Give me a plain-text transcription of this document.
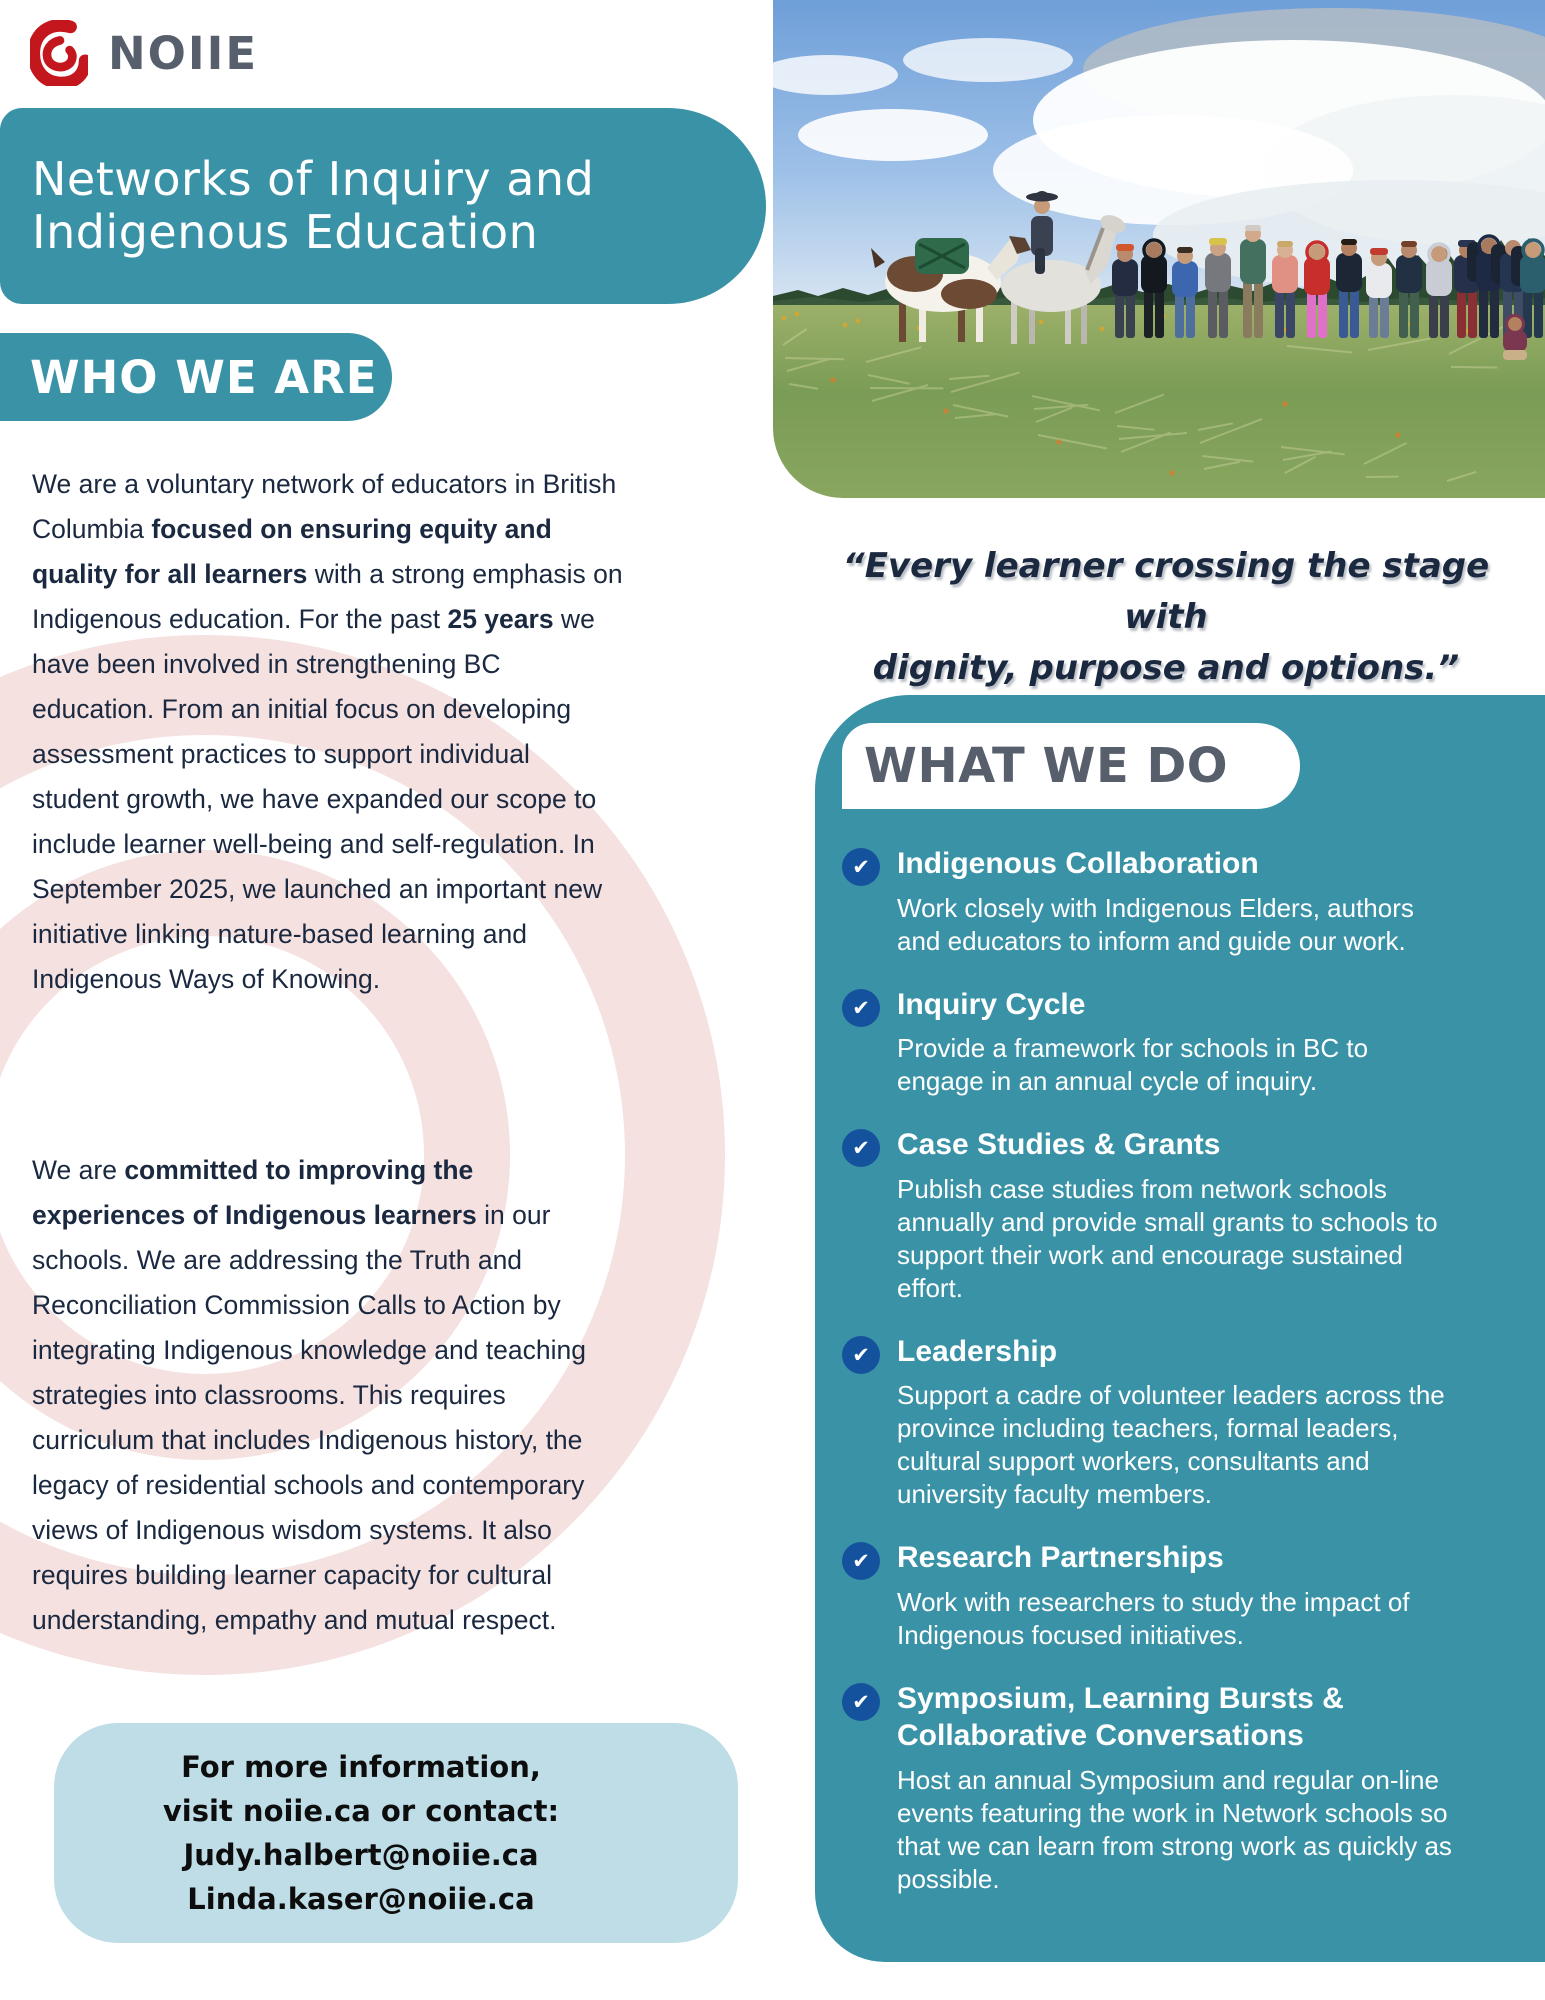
NOIIE
Networks of Inquiry and
Indigenous Education
WHO WE ARE

We are a voluntary network of educators in British Columbia focused on ensuring equity and quality for all learners with a strong emphasis on Indigenous education. For the past 25 years we have been involved in strengthening BC education. From an initial focus on developing assessment practices to support individual student growth, we have expanded our scope to include learner well-being and self-regulation. In September 2025, we launched an important new initiative linking nature-based learning and Indigenous Ways of Knowing.

We are committed to improving the experiences of Indigenous learners in our schools. We are addressing the Truth and Reconciliation Commission Calls to Action by integrating Indigenous knowledge and teaching strategies into classrooms. This requires curriculum that includes Indigenous history, the legacy of residential schools and contemporary views of Indigenous wisdom systems. It also requires building learner capacity for cultural understanding, empathy and mutual respect.

For more information,
visit noiie.ca or contact:
Judy.halbert@noiie.ca
Linda.kaser@noiie.ca
“Every learner crossing the stage with
dignity, purpose and options.”
WHAT WE DO
✔ Indigenous Collaboration

Work closely with Indigenous Elders, authors and educators to inform and guide our work.

✔ Inquiry Cycle

Provide a framework for schools in BC to engage in an annual cycle of inquiry.

✔ Case Studies & Grants

Publish case studies from network schools annually and provide small grants to schools to support their work and encourage sustained effort.

✔ Leadership

Support a cadre of volunteer leaders across the province including teachers, formal leaders, cultural support workers, consultants and university faculty members.

✔ Research Partnerships

Work with researchers to study the impact of Indigenous focused initiatives.

✔ Symposium, Learning Bursts & Collaborative Conversations

Host an annual Symposium and regular on-line events featuring the work in Network schools so that we can learn from strong work as quickly as possible.
